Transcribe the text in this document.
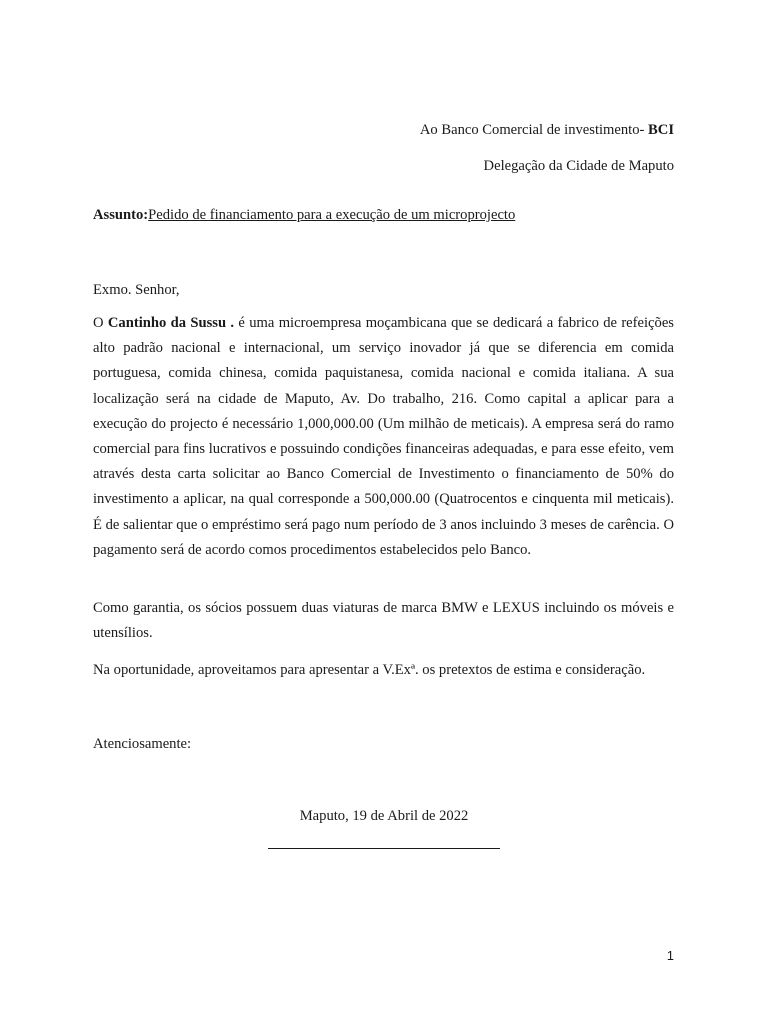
Ao Banco Comercial de investimento- BCI
Delegação da Cidade de Maputo
Assunto:Pedido de financiamento para a execução de um microprojecto
Exmo. Senhor,

O Cantinho da Sussu . é uma microempresa moçambicana que se dedicará a fabrico de refeições alto padrão nacional e internacional, um serviço inovador já que se diferencia em comida portuguesa, comida chinesa, comida paquistanesa, comida nacional e comida italiana. A sua localização será na cidade de Maputo, Av. Do trabalho, 216. Como capital a aplicar para a execução do projecto é necessário 1,000,000.00 (Um milhão de meticais). A empresa será do ramo comercial para fins lucrativos e possuindo condições financeiras adequadas, e para esse efeito, vem através desta carta solicitar ao Banco Comercial de Investimento o financiamento de 50% do investimento a aplicar, na qual corresponde a 500,000.00 (Quatrocentos e cinquenta mil meticais). É de salientar que o empréstimo será pago num período de 3 anos incluindo 3 meses de carência. O pagamento será de acordo comos procedimentos estabelecidos pelo Banco.

Como garantia, os sócios possuem duas viaturas de marca BMW e LEXUS incluindo os móveis e utensílios.

Na oportunidade, aproveitamos para apresentar a V.Exª. os pretextos de estima e consideração.

Atenciosamente:
Maputo, 19 de Abril de 2022
1
